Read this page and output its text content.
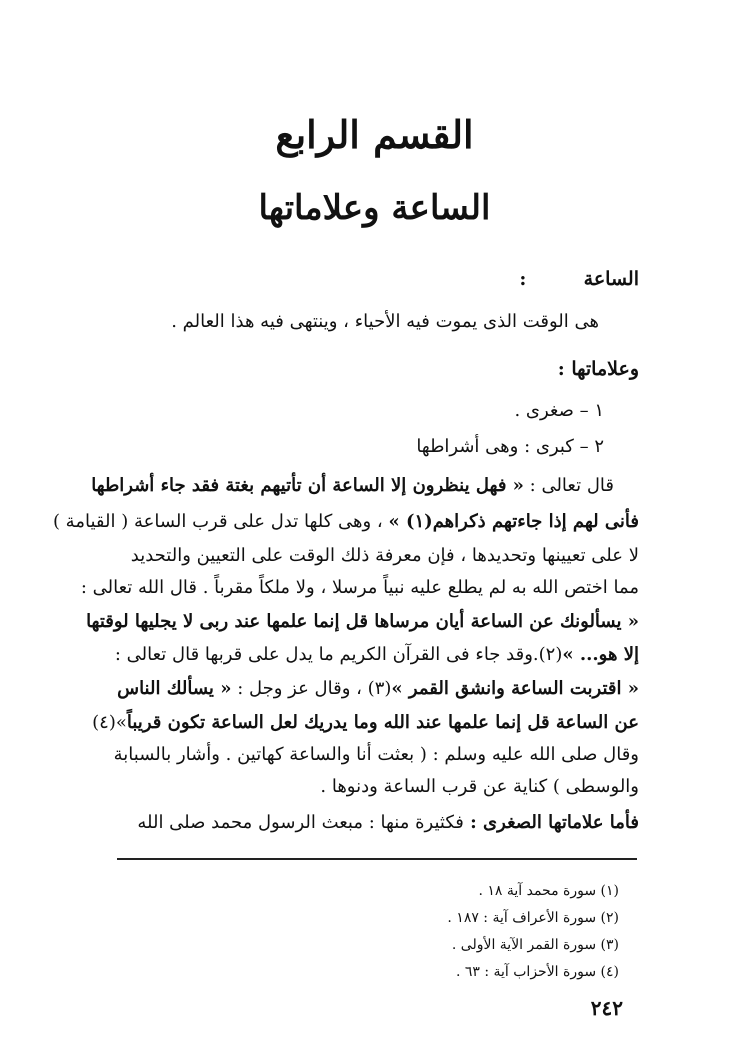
القسم الرابع
الساعة وعلاماتها
الساعة  :
هى الوقت الذى يموت فيه الأحياء ، وينتهى فيه هذا العالم .
وعلاماتها :
١ – صغرى .
٢ – كبرى : وهى أشراطها
قال تعالى : « فهل ينظرون إلا الساعة أن تأتيهم بغتة فقد جاء أشراطها
فأنى لهم إذا جاءتهم ذكراهم(١) » ، وهى كلها تدل على قرب الساعة ( القيامة )
لا على تعيينها وتحديدها ، فإن معرفة ذلك الوقت على التعيين والتحديد
مما اختص الله به لم يطلع عليه نبياً مرسلا ، ولا ملكاً مقرباً . قال الله تعالى :
« يسألونك عن الساعة أيان مرساها قل إنما علمها عند ربى لا يجليها لوقتها
إلا هو... »(٢).وقد جاء فى القرآن الكريم ما يدل على قربها قال تعالى :
« اقتربت الساعة وانشق القمر »(٣) ، وقال عز وجل : « يسألك الناس
عن الساعة قل إنما علمها عند الله وما يدريك لعل الساعة تكون قريباً»(٤)
وقال صلى الله عليه وسلم : ( بعثت أنا والساعة كهاتين . وأشار بالسبابة
والوسطى ) كناية عن قرب الساعة ودنوها .
فأما علاماتها الصغرى : فكثيرة منها : مبعث الرسول محمد صلى الله
(١) سورة محمد آية ١٨ .
(٢) سورة الأعراف آية : ١٨٧ .
(٣) سورة القمر الآية الأولى .
(٤) سورة الأحزاب آية : ٦٣ .
٢٤٢
